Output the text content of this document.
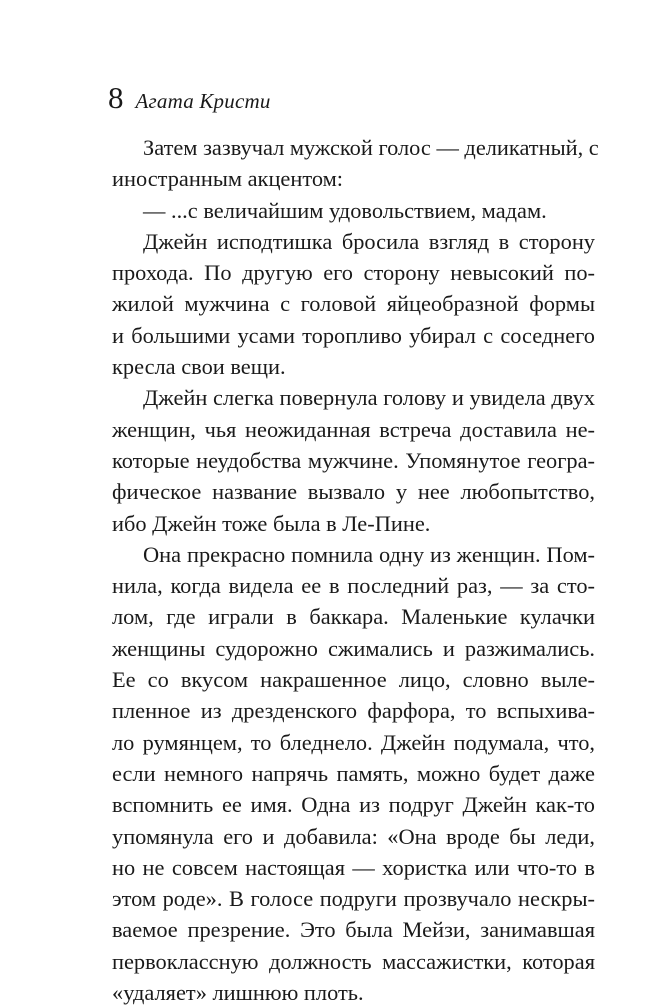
8 Агата Кристи
Затем зазвучал мужской голос — деликатный, с
иностранным акцентом:
— ...с величайшим удовольствием, мадам.
Джейн исподтишка бросила взгляд в сторону
прохода. По другую его сторону невысокий по-
жилой мужчина с головой яйцеобразной формы
и большими усами торопливо убирал с соседнего
кресла свои вещи.
Джейн слегка повернула голову и увидела двух
женщин, чья неожиданная встреча доставила не-
которые неудобства мужчине. Упомянутое геогра-
фическое название вызвало у нее любопытство,
ибо Джейн тоже была в Ле-Пине.
Она прекрасно помнила одну из женщин. Пом-
нила, когда видела ее в последний раз, — за сто-
лом, где играли в баккара. Маленькие кулачки
женщины судорожно сжимались и разжимались.
Ее со вкусом накрашенное лицо, словно выле-
пленное из дрезденского фарфора, то вспыхива-
ло румянцем, то бледнело. Джейн подумала, что,
если немного напрячь память, можно будет даже
вспомнить ее имя. Одна из подруг Джейн как-то
упомянула его и добавила: «Она вроде бы леди,
но не совсем настоящая — хористка или что-то в
этом роде». В голосе подруги прозвучало нескры-
ваемое презрение. Это была Мейзи, занимавшая
первоклассную должность массажистки, которая
«удаляет» лишнюю плоть.
